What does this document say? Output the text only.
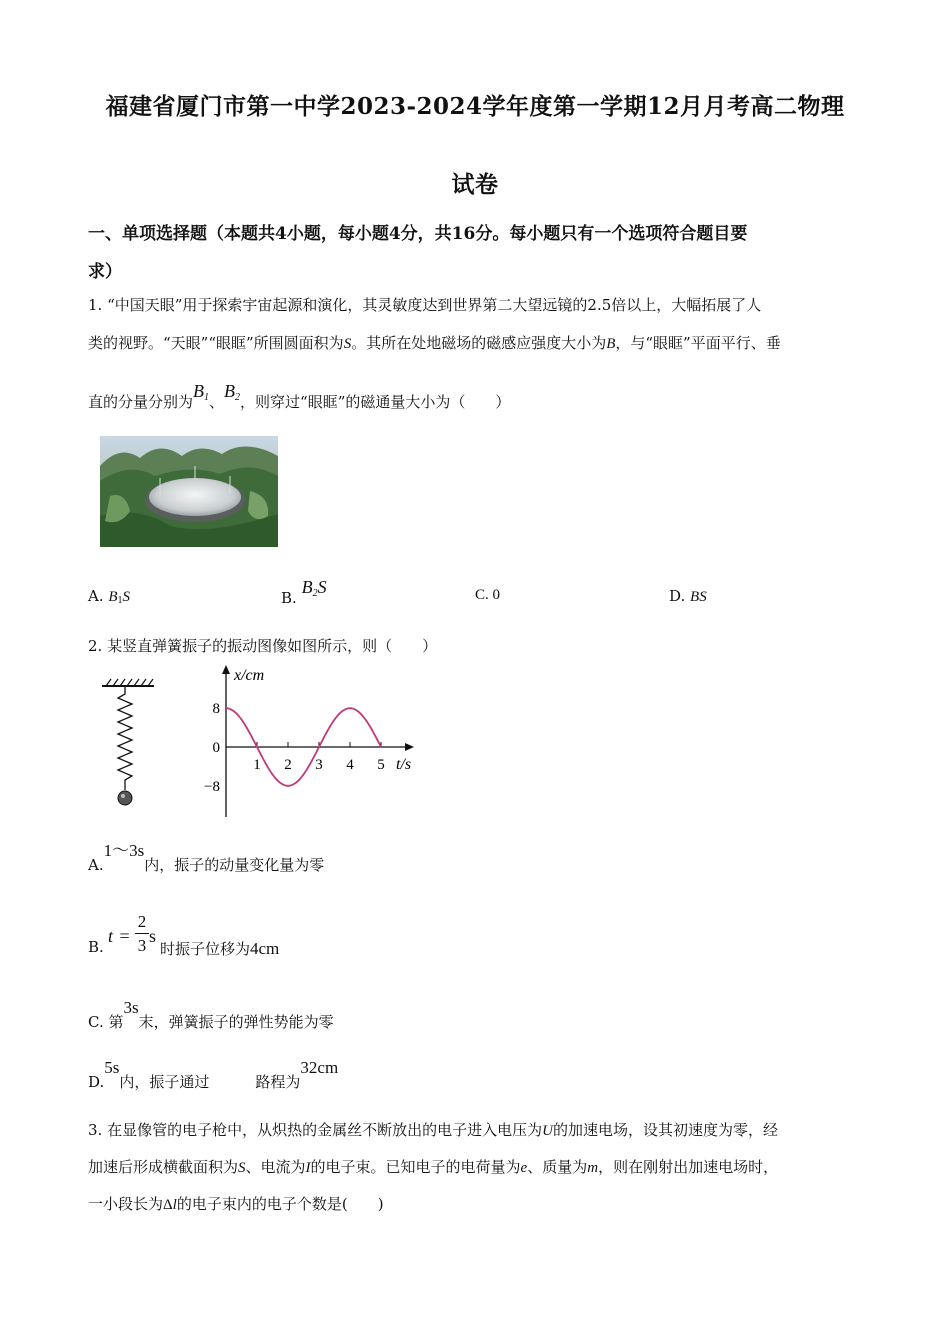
福建省厦门市第一中学2023-2024学年度第一学期12月月考高二物理
试卷
一、单项选择题（本题共4小题，每小题4分，共16分。每小题只有一个选项符合题目要
求）
1. “中国天眼”用于探索宇宙起源和演化，其灵敏度达到世界第二大望远镜的2.5倍以上，大幅拓展了人
类的视野。“天眼”“眼眶”所围圆面积为S。其所在处地磁场的磁感应强度大小为B，与“眼眶”平面平行、垂
直的分量分别为$B_1$、$B_2$，则穿过“眼眶”的磁通量大小为（　　）
A. B1S	B. $B_2S$	C. 0	D. BS
2. 某竖直弹簧振子的振动图像如图所示，则（　　）
x/cm
t/s
8
0
−8
1 2 3 4 5
A.1～3s内，振子的动量变化量为零
B.
t =
2
3 s
时振子位移为4cm
C. 第3s末，弹簧振子的弹性势能为零
D.5s内，振子通过	路程为32cm
3. 在显像管的电子枪中，从炽热的金属丝不断放出的电子进入电压为U的加速电场，设其初速度为零，经
加速后形成横截面积为S、电流为I的电子束。已知电子的电荷量为e、质量为m，则在刚射出加速电场时，
一小段长为Δl的电子束内的电子个数是(　　)
